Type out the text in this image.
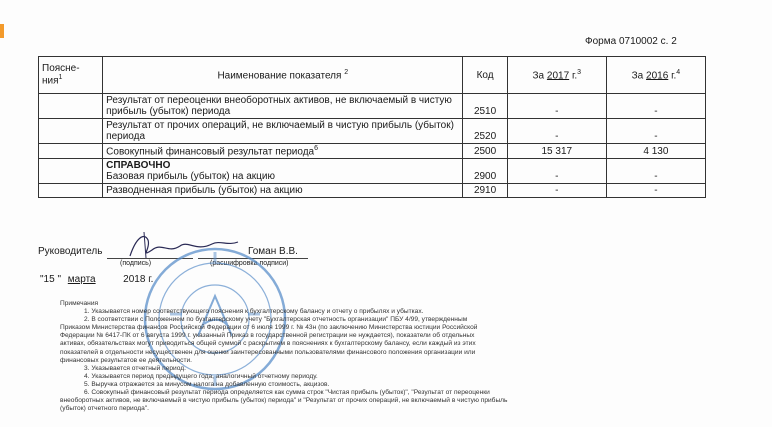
Форма 0710002 с. 2
Поясне-ния$^1$	Наименование показателя $^2$	Код	За 2017 г.$^3$	За 2016 г.$^4$
	Результат от переоценки внеоборотных активов, не включаемый в чистую прибыль (убыток) периода	2510	-	-
	Результат от прочих операций, не включаемый в чистую прибыль (убыток) периода	2520	-	-
	Совокупный финансовый результат периода$^6$	2500	15 317	4 130

	СПРАВОЧНО
Базовая прибыль (убыток) на акцию	2900	-	-
	Разводненная прибыль (убыток) на акцию	2910	-	-
Руководитель	Гоман В.В.
(подпись)	(расшифровка подписи)
"15 " марта	2018 г.
Примечания
1. Указывается номер соответствующего пояснения к бухгалтерскому балансу и отчету о прибылях и убытках.
2. В соответствии с Положением по бухгалтерскому учету "Бухгалтерская отчетность организации" ПБУ 4/99, утвержденным
Приказом Министерства финансов Российской Федерации от 6 июля 1999 г. № 43н (по заключению Министерства юстиции Российской
Федерации № 6417-ПК от 6 августа 1999 г. указанный Приказ в государственной регистрации не нуждается), показатели об отдельных
активах, обязательствах могут приводиться общей суммой с раскрытием в пояснениях к бухгалтерскому балансу, если каждый из этих
показателей в отдельности несущественен для оценки заинтересованными пользователями финансового положения организации или
финансовых результатов ее деятельности.
3. Указывается отчетный период.
4. Указывается период предыдущего года, аналогичный отчетному периоду.
5. Выручка отражается за минусом налога на добавленную стоимость, акцизов.
6. Совокупный финансовый результат периода определяется как сумма строк "Чистая прибыль (убыток)", "Результат от переоценки
внеоборотных активов, не включаемый в чистую прибыль (убыток) периода" и "Результат от прочих операций, не включаемый в чистую прибыль
(убыток) отчетного периода".
